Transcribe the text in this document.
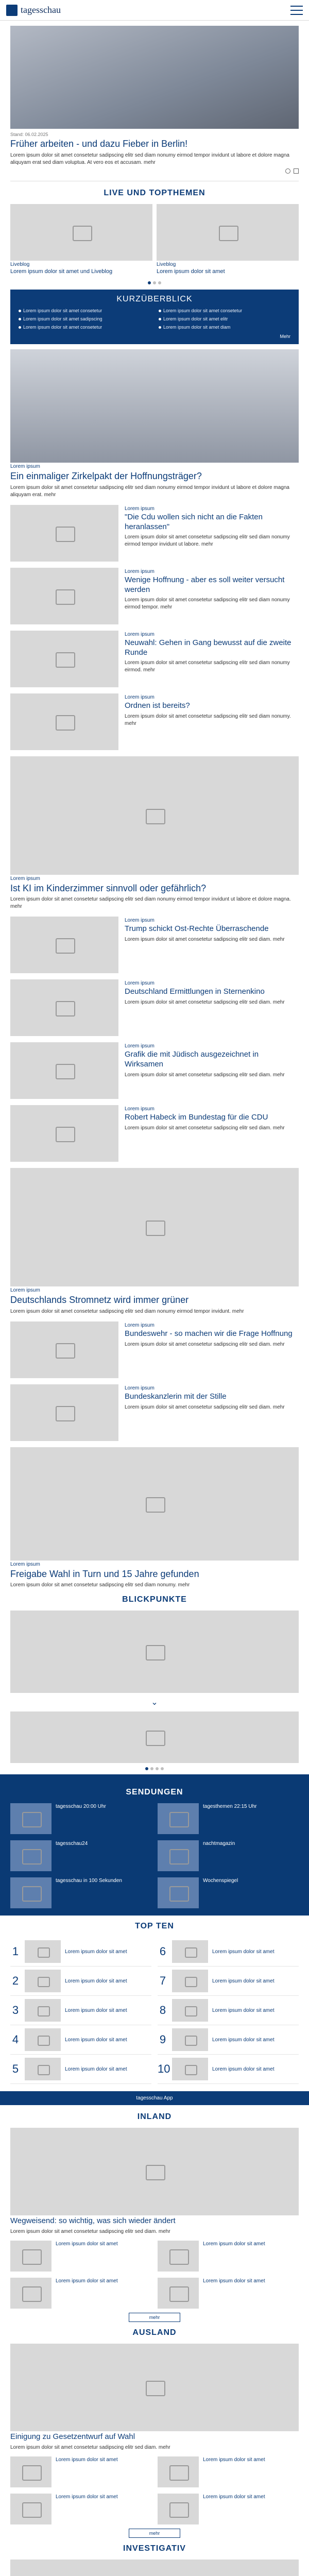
tagesschau
Stand: 06.02.2025
Früher arbeiten - und dazu Fieber in Berlin!

Lorem ipsum dolor sit amet consetetur sadipscing elitr sed diam nonumy eirmod tempor invidunt ut labore et dolore magna aliquyam erat sed diam voluptua. At vero eos et accusam. mehr

LIVE UND TOPTHEMEN
Liveblog
Lorem ipsum dolor sit amet und Liveblog
Liveblog
Lorem ipsum dolor sit amet
KURZÜBERBLICK
Lorem ipsum dolor sit amet consetetur	Lorem ipsum dolor sit amet consetetur
Lorem ipsum dolor sit amet sadipscing	Lorem ipsum dolor sit amet elitr
Lorem ipsum dolor sit amet consetetur	Lorem ipsum dolor sit amet diam
Mehr
Lorem ipsum
Ein einmaliger Zirkelpakt der Hoffnungsträger?

Lorem ipsum dolor sit amet consetetur sadipscing elitr sed diam nonumy eirmod tempor invidunt ut labore et dolore magna aliquyam erat. mehr

Lorem ipsum
"Die Cdu wollen sich nicht an die Fakten heranlassen"

Lorem ipsum dolor sit amet consetetur sadipscing elitr sed diam nonumy eirmod tempor invidunt ut labore. mehr

Lorem ipsum
Wenige Hoffnung - aber es soll weiter versucht werden

Lorem ipsum dolor sit amet consetetur sadipscing elitr sed diam nonumy eirmod tempor. mehr

Lorem ipsum
Neuwahl: Gehen in Gang bewusst auf die zweite Runde

Lorem ipsum dolor sit amet consetetur sadipscing elitr sed diam nonumy eirmod. mehr

Lorem ipsum
Ordnen ist bereits?

Lorem ipsum dolor sit amet consetetur sadipscing elitr sed diam nonumy. mehr

Lorem ipsum
Ist KI im Kinderzimmer sinnvoll oder gefährlich?

Lorem ipsum dolor sit amet consetetur sadipscing elitr sed diam nonumy eirmod tempor invidunt ut labore et dolore magna. mehr

Lorem ipsum
Trump schickt Ost-Rechte Überraschende

Lorem ipsum dolor sit amet consetetur sadipscing elitr sed diam. mehr

Lorem ipsum
Deutschland Ermittlungen in Sternenkino

Lorem ipsum dolor sit amet consetetur sadipscing elitr sed diam. mehr

Lorem ipsum
Grafik die mit Jüdisch ausgezeichnet in Wirksamen

Lorem ipsum dolor sit amet consetetur sadipscing elitr sed diam. mehr

Lorem ipsum
Robert Habeck im Bundestag für die CDU

Lorem ipsum dolor sit amet consetetur sadipscing elitr sed diam. mehr

Lorem ipsum
Deutschlands Stromnetz wird immer grüner

Lorem ipsum dolor sit amet consetetur sadipscing elitr sed diam nonumy eirmod tempor invidunt. mehr

Lorem ipsum
Bundeswehr - so machen wir die Frage Hoffnung

Lorem ipsum dolor sit amet consetetur sadipscing elitr sed diam. mehr

Lorem ipsum
Bundeskanzlerin mit der Stille

Lorem ipsum dolor sit amet consetetur sadipscing elitr sed diam. mehr

Lorem ipsum
Freigabe Wahl in Turn und 15 Jahre gefunden

Lorem ipsum dolor sit amet consetetur sadipscing elitr sed diam nonumy. mehr

BLICKPUNKTE
⌄
SENDUNGEN
tagesschau 20:00 Uhr	tagesthemen 22:15 Uhr
tagesschau24	nachtmagazin
tagesschau in 100 Sekunden	Wochenspiegel
TOP TEN
1	Lorem ipsum dolor sit amet
2	Lorem ipsum dolor sit amet
3	Lorem ipsum dolor sit amet
4	Lorem ipsum dolor sit amet
5	Lorem ipsum dolor sit amet
6	Lorem ipsum dolor sit amet
7	Lorem ipsum dolor sit amet
8	Lorem ipsum dolor sit amet
9	Lorem ipsum dolor sit amet
10	Lorem ipsum dolor sit amet
tagesschau App
INLAND
Wegweisend: so wichtig, was sich wieder ändert

Lorem ipsum dolor sit amet consetetur sadipscing elitr sed diam. mehr

Lorem ipsum dolor sit amet	Lorem ipsum dolor sit amet
Lorem ipsum dolor sit amet	Lorem ipsum dolor sit amet
mehr
AUSLAND
Einigung zu Gesetzentwurf auf Wahl

Lorem ipsum dolor sit amet consetetur sadipscing elitr sed diam. mehr

Lorem ipsum dolor sit amet	Lorem ipsum dolor sit amet
Lorem ipsum dolor sit amet	Lorem ipsum dolor sit amet
mehr
INVESTIGATIV
